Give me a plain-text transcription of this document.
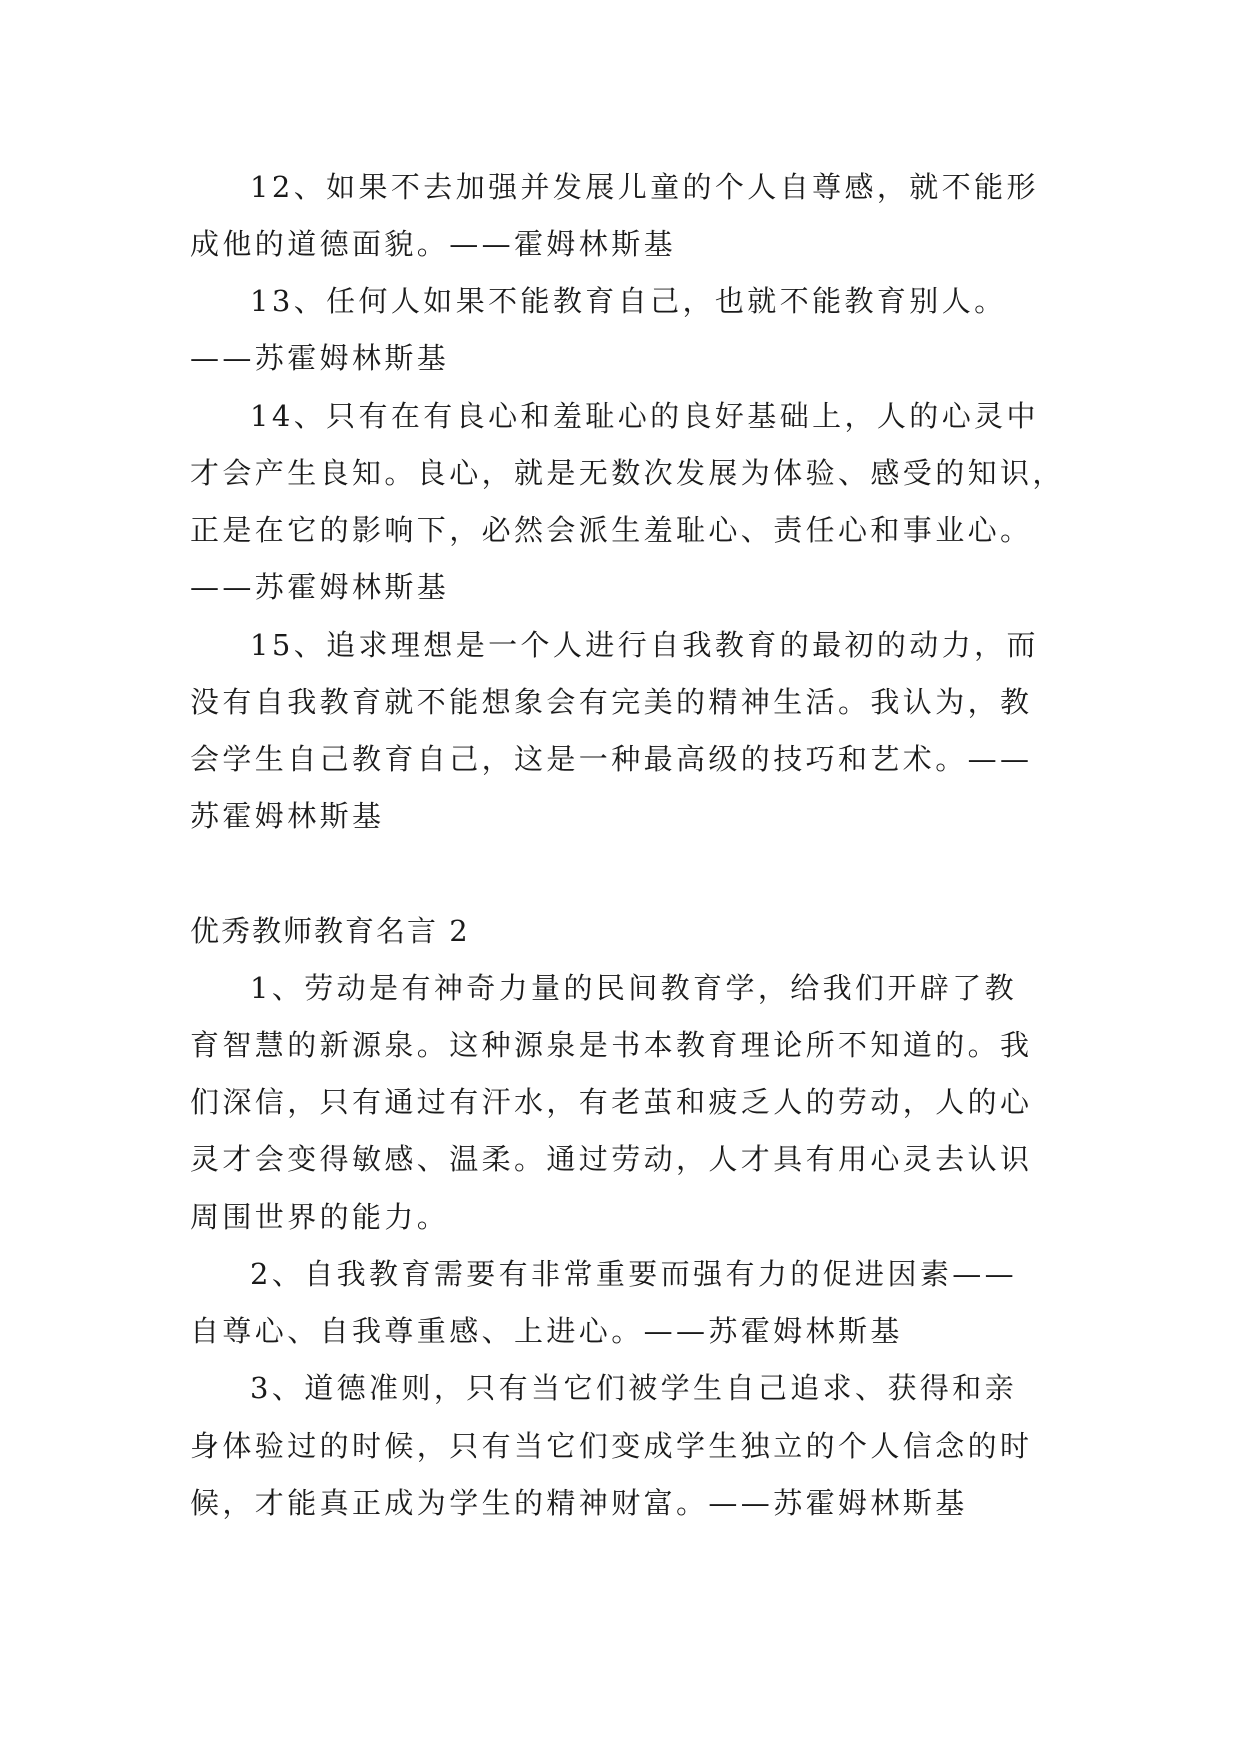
12、如果不去加强并发展儿童的个人自尊感，就不能形
成他的道德面貌。——霍姆林斯基
13、任何人如果不能教育自己，也就不能教育别人。
——苏霍姆林斯基
14、只有在有良心和羞耻心的良好基础上，人的心灵中
才会产生良知。良心，就是无数次发展为体验、感受的知识，
正是在它的影响下，必然会派生羞耻心、责任心和事业心。
——苏霍姆林斯基
15、追求理想是一个人进行自我教育的最初的动力，而
没有自我教育就不能想象会有完美的精神生活。我认为，教
会学生自己教育自己，这是一种最高级的技巧和艺术。——
苏霍姆林斯基
优秀教师教育名言 2
1、劳动是有神奇力量的民间教育学，给我们开辟了教
育智慧的新源泉。这种源泉是书本教育理论所不知道的。我
们深信，只有通过有汗水，有老茧和疲乏人的劳动，人的心
灵才会变得敏感、温柔。通过劳动，人才具有用心灵去认识
周围世界的能力。
2、自我教育需要有非常重要而强有力的促进因素——
自尊心、自我尊重感、上进心。——苏霍姆林斯基
3、道德准则，只有当它们被学生自己追求、获得和亲
身体验过的时候，只有当它们变成学生独立的个人信念的时
候，才能真正成为学生的精神财富。——苏霍姆林斯基
